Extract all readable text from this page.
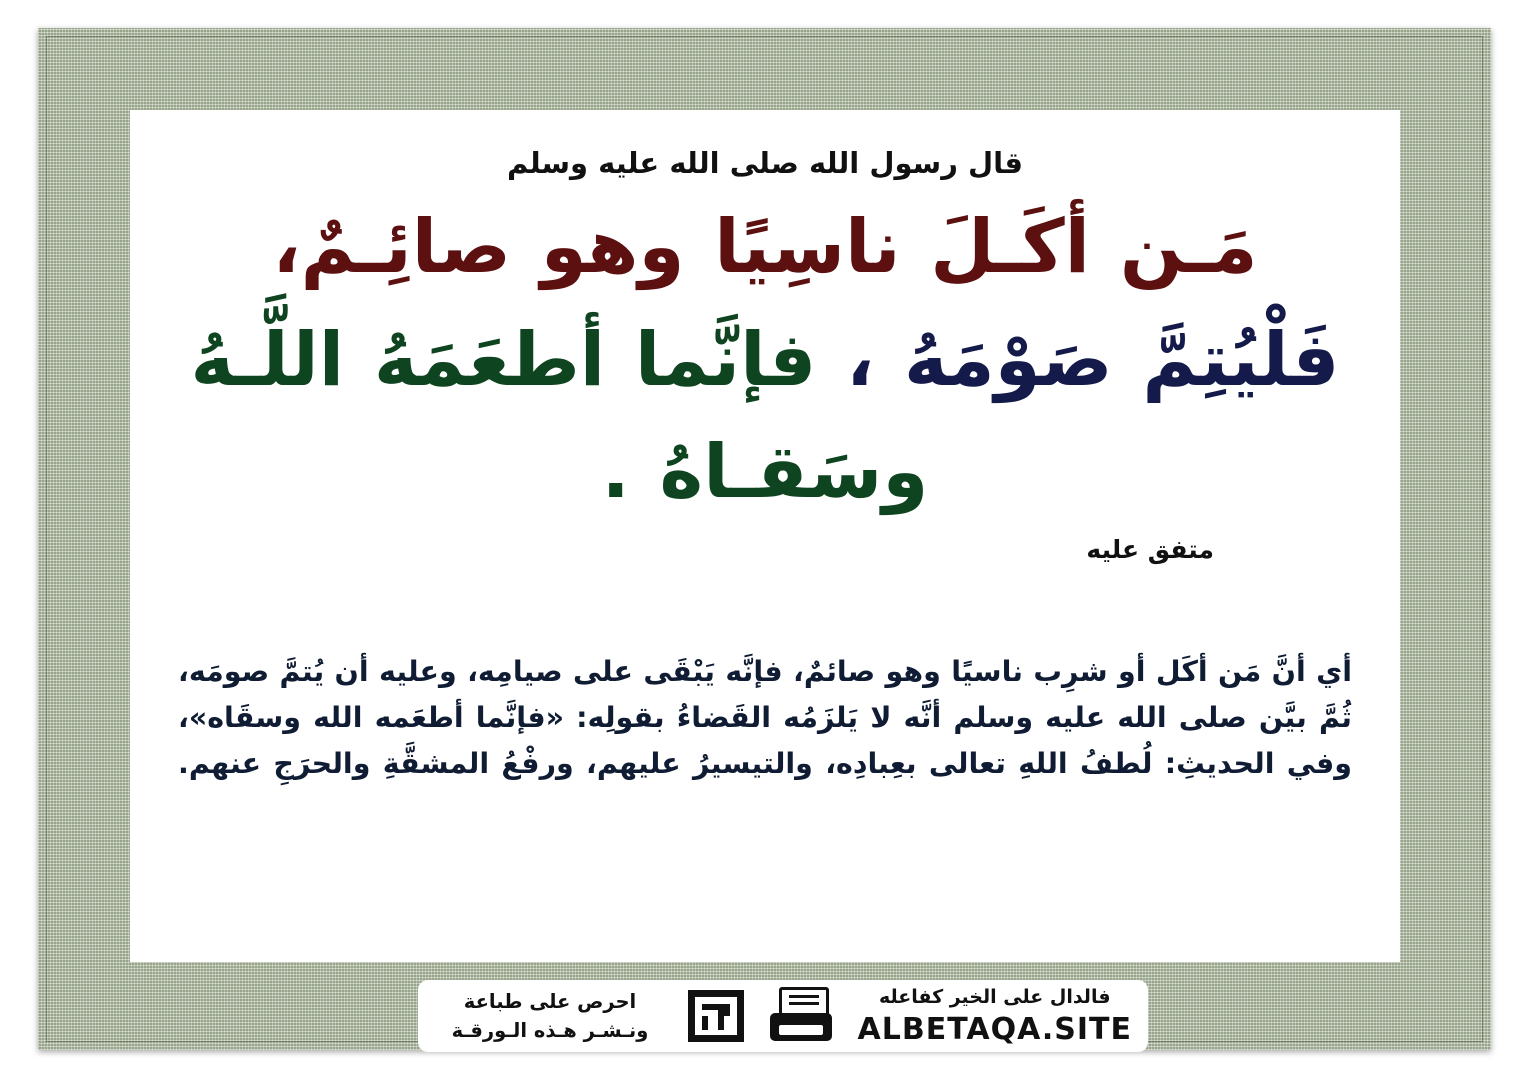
قال رسول الله صلى الله عليه وسلم
مَـن أكَـلَ ناسِيًا وهو صائِـمٌ، فَلْيُتِمَّ صَوْمَهُ ، فإنَّما أطعَمَهُ اللَّـهُ وسَقـاهُ .
متفق عليه

أي أنَّ مَن أكَل أو شرِب ناسيًا وهو صائمٌ، فإنَّه يَبْقَى على صيامِه، وعليه أن يُتمَّ صومَه، ثُمَّ بيَّن صلى الله عليه وسلم أنَّه لا يَلزَمُه القَضاءُ بقولِه: «فإنَّما أطعَمه الله وسقَاه»، وفي الحديثِ: لُطفُ اللهِ تعالى بعِبادِه، والتيسيرُ عليهم، ورفْعُ المشقَّةِ والحرَجِ عنهم.

احرص على طباعة
ونـشـر هـذه الـورقـة
فالدال على الخير كفاعله
ALBETAQA.SITE
